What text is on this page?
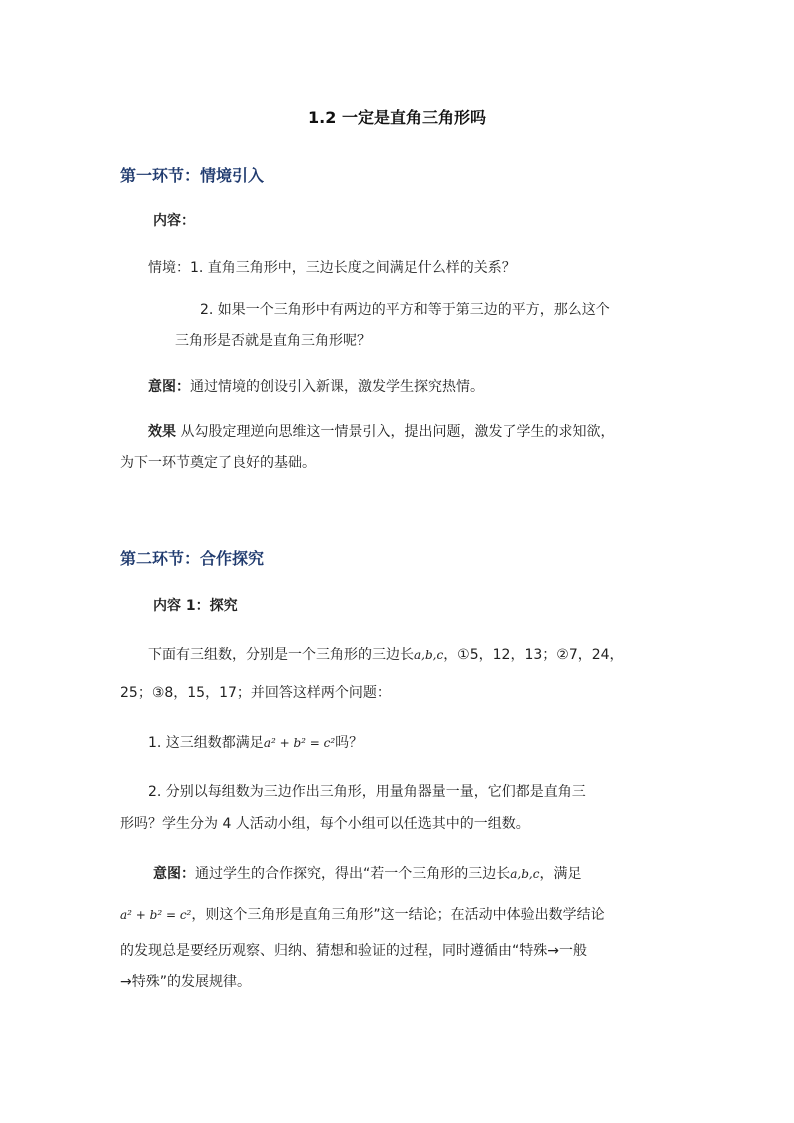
1.2 一定是直角三角形吗
第一环节：情境引入
内容：
情境：1. 直角三角形中，三边长度之间满足什么样的关系？
2. 如果一个三角形中有两边的平方和等于第三边的平方，那么这个
三角形是否就是直角三角形呢？
意图：通过情境的创设引入新课，激发学生探究热情。
效果 从勾股定理逆向思维这一情景引入，提出问题，激发了学生的求知欲，
为下一环节奠定了良好的基础。
第二环节：合作探究
内容 1：探究
下面有三组数，分别是一个三角形的三边长a,b,c，①5，12，13；②7，24，
25；③8，15，17；并回答这样两个问题：
1. 这三组数都满足a² + b² = c²吗？
2. 分别以每组数为三边作出三角形，用量角器量一量，它们都是直角三
形吗？学生分为 4 人活动小组，每个小组可以任选其中的一组数。
意图：通过学生的合作探究，得出“若一个三角形的三边长a,b,c，满足
a² + b² = c²，则这个三角形是直角三角形”这一结论；在活动中体验出数学结论
的发现总是要经历观察、归纳、猜想和验证的过程，同时遵循由“特殊→一般
→特殊”的发展规律。
